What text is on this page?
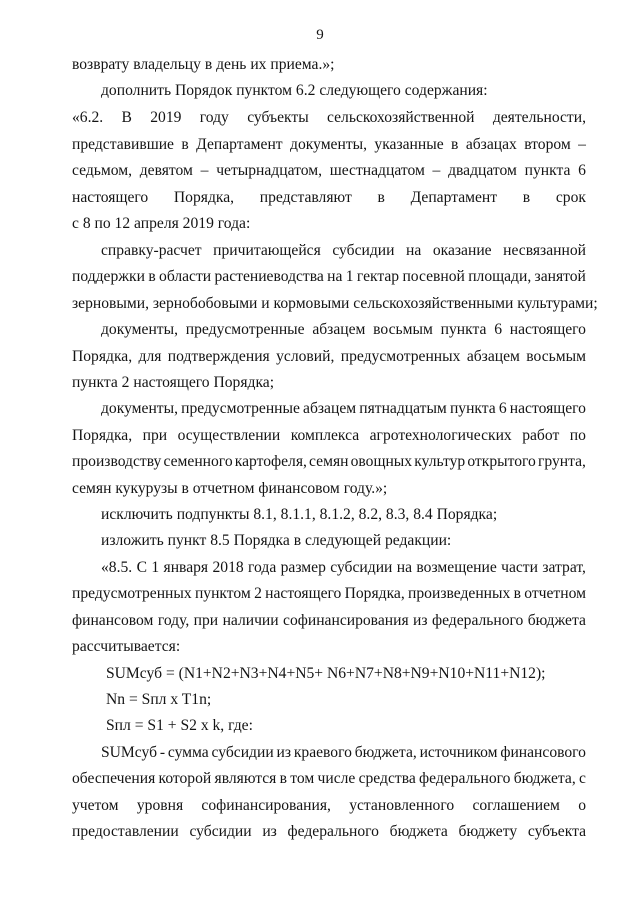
9
возврату владельцу в день их приема.»;
дополнить Порядок пунктом 6.2 следующего содержания:
«6.2. В 2019 году субъекты сельскохозяйственной деятельности,
представившие в Департамент документы, указанные в абзацах втором –
седьмом, девятом – четырнадцатом, шестнадцатом – двадцатом пункта 6
настоящего Порядка, представляют в Департамент в срок
с 8 по 12 апреля 2019 года:
справку-расчет причитающейся субсидии на оказание несвязанной
поддержки в области растениеводства на 1 гектар посевной площади, занятой
зерновыми, зернобобовыми и кормовыми сельскохозяйственными культурами;
документы, предусмотренные абзацем восьмым пункта 6 настоящего
Порядка, для подтверждения условий, предусмотренных абзацем восьмым
пункта 2 настоящего Порядка;
документы, предусмотренные абзацем пятнадцатым пункта 6 настоящего
Порядка, при осуществлении комплекса агротехнологических работ по
производству семенного картофеля, семян овощных культур открытого грунта,
семян кукурузы в отчетном финансовом году.»;
исключить подпункты 8.1, 8.1.1, 8.1.2, 8.2, 8.3, 8.4 Порядка;
изложить пункт 8.5 Порядка в следующей редакции:
«8.5. С 1 января 2018 года размер субсидии на возмещение части затрат,
предусмотренных пунктом 2 настоящего Порядка, произведенных в отчетном
финансовом году, при наличии софинансирования из федерального бюджета
рассчитывается:
SUMсуб = (N1+N2+N3+N4+N5+ N6+N7+N8+N9+N10+N11+N12);
Nn = Sпл x T1n;
Sпл = S1 + S2 x k, где:
SUMсуб - сумма субсидии из краевого бюджета, источником финансового
обеспечения которой являются в том числе средства федерального бюджета, с
учетом уровня софинансирования, установленного соглашением о
предоставлении субсидии из федерального бюджета бюджету субъекта
